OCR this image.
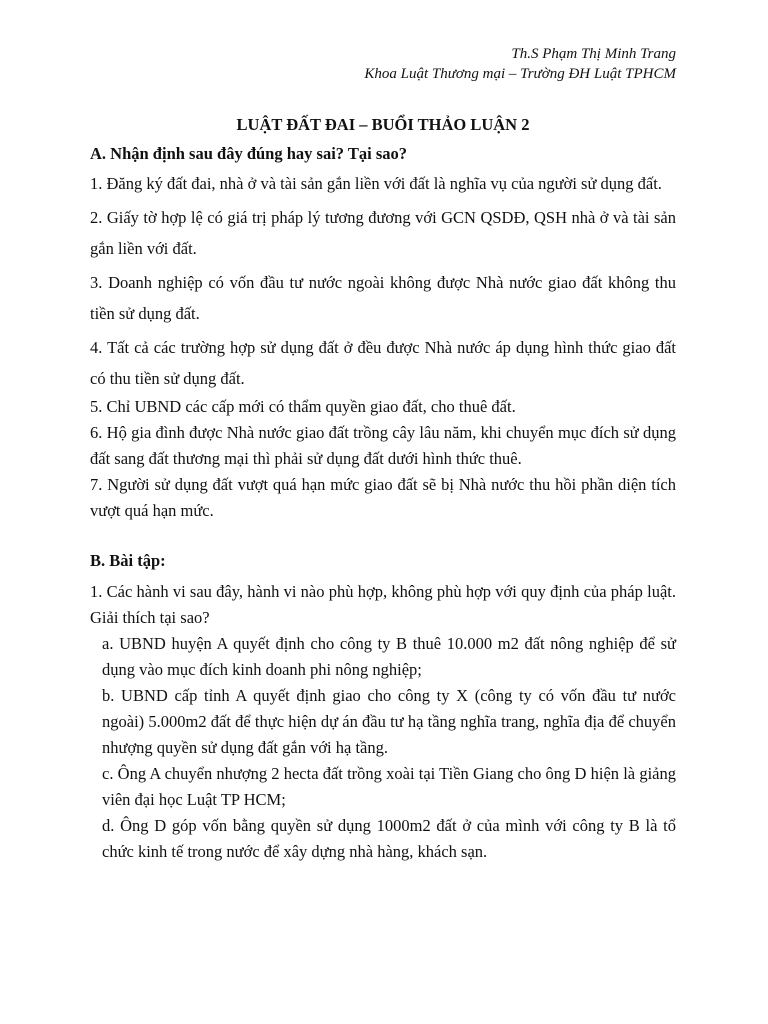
Th.S Phạm Thị Minh Trang
Khoa Luật Thương mại – Trường ĐH Luật TPHCM
LUẬT ĐẤT ĐAI – BUỔI THẢO LUẬN 2
A. Nhận định sau đây đúng hay sai? Tại sao?
1. Đăng ký đất đai, nhà ở và tài sản gắn liền với đất là nghĩa vụ của người sử dụng đất.
2. Giấy tờ hợp lệ có giá trị pháp lý tương đương với GCN QSDĐ, QSH nhà ở và tài sản gắn liền với đất.
3. Doanh nghiệp có vốn đầu tư nước ngoài không được Nhà nước giao đất không thu tiền sử dụng đất.
4. Tất cả các trường hợp sử dụng đất ở đều được Nhà nước áp dụng hình thức giao đất có thu tiền sử dụng đất.
5. Chỉ UBND các cấp mới có thẩm quyền giao đất, cho thuê đất.
6. Hộ gia đình được Nhà nước giao đất trồng cây lâu năm, khi chuyển mục đích sử dụng đất sang đất thương mại thì phải sử dụng đất dưới hình thức thuê.
7. Người sử dụng đất vượt quá hạn mức giao đất sẽ bị Nhà nước thu hồi phần diện tích vượt quá hạn mức.
B. Bài tập:
1. Các hành vi sau đây, hành vi nào phù hợp, không phù hợp với quy định của pháp luật. Giải thích tại sao?
a. UBND huyện A quyết định cho công ty B thuê 10.000 m2 đất nông nghiệp để sử dụng vào mục đích kinh doanh phi nông nghiệp;
b. UBND cấp tỉnh A quyết định giao cho công ty X (công ty có vốn đầu tư nước ngoài) 5.000m2 đất để thực hiện dự án đầu tư hạ tầng nghĩa trang, nghĩa địa để chuyển nhượng quyền sử dụng đất gắn với hạ tầng.
c. Ông A chuyển nhượng 2 hecta đất trồng xoài tại Tiền Giang cho ông D hiện là giảng viên đại học Luật TP HCM;
d. Ông D góp vốn bằng quyền sử dụng 1000m2 đất ở của mình với công ty B là tổ chức kinh tế trong nước để xây dựng nhà hàng, khách sạn.
